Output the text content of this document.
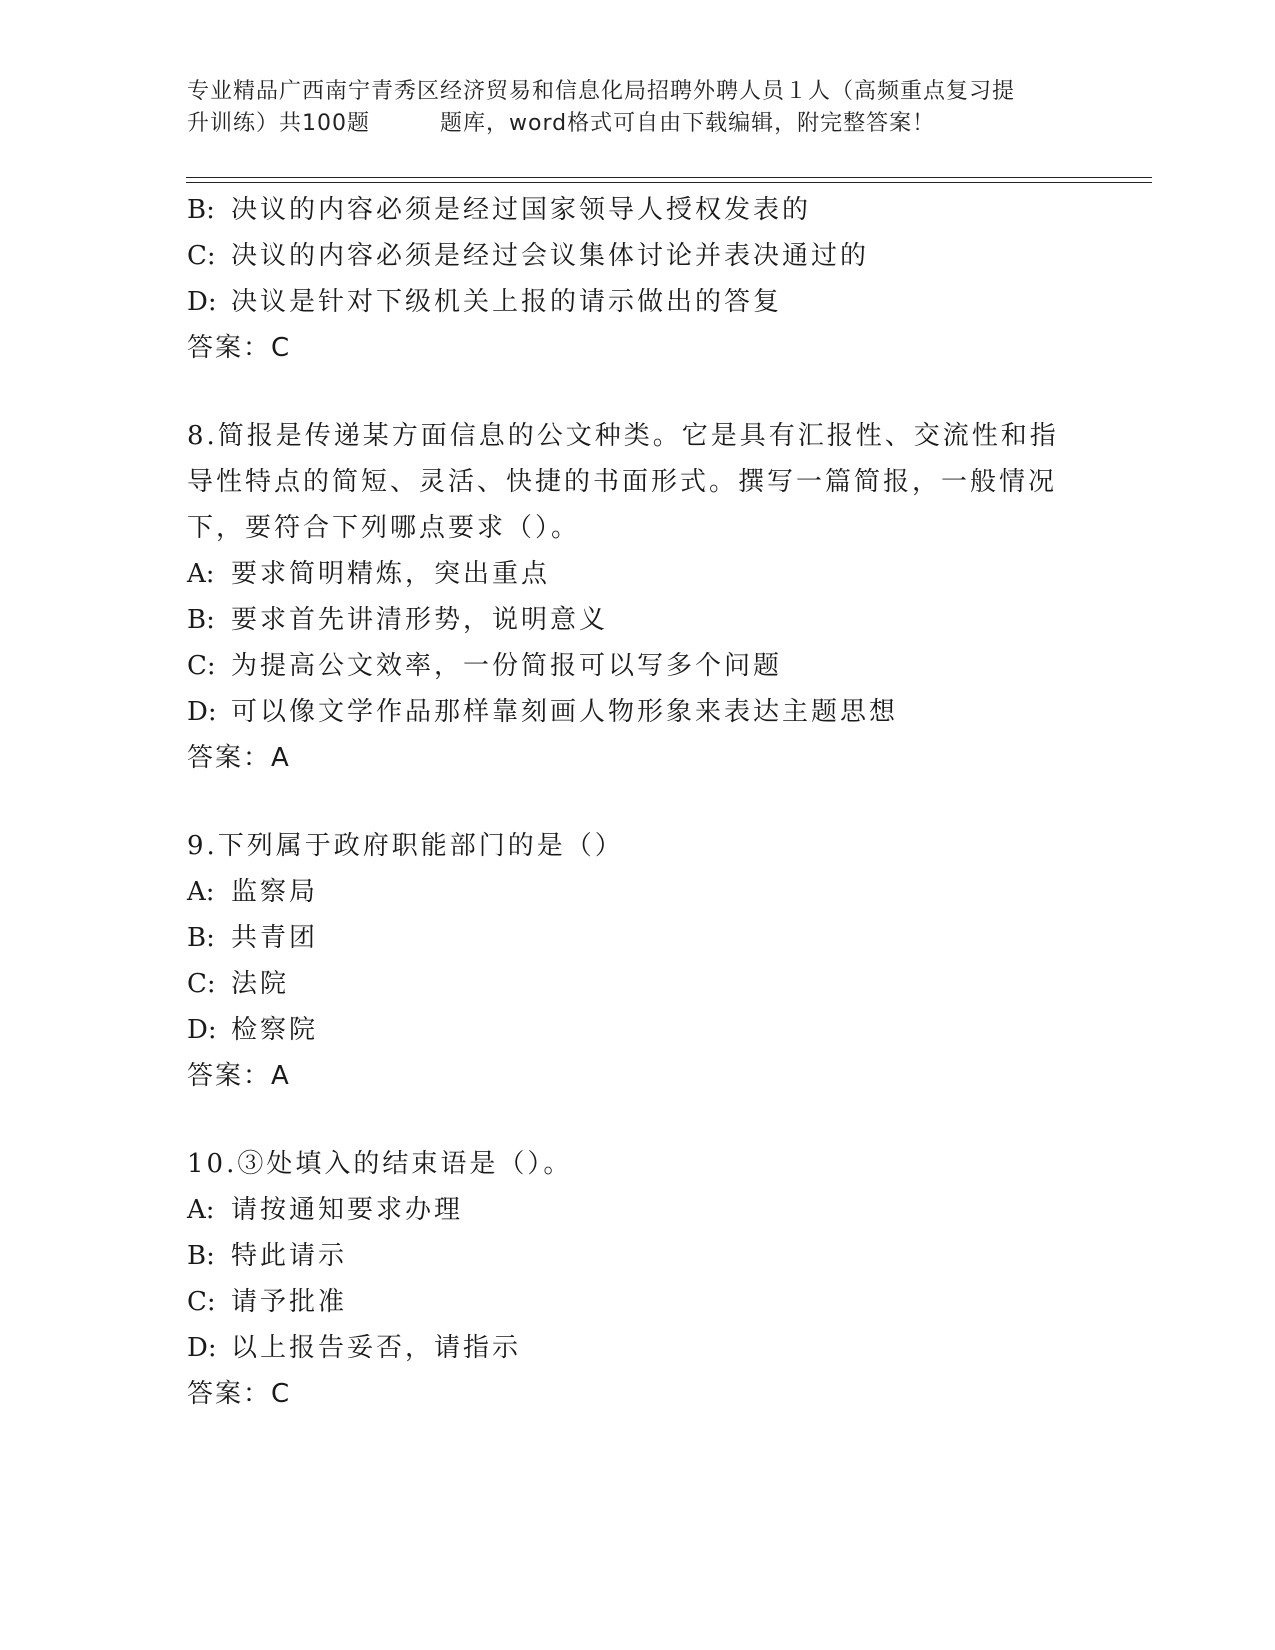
专业精品广西南宁青秀区经济贸易和信息化局招聘外聘人员１人（高频重点复习提
升训练）共100题	题库，word格式可自由下载编辑，附完整答案！

B: 决议的内容必须是经过国家领导人授权发表的

C: 决议的内容必须是经过会议集体讨论并表决通过的

D: 决议是针对下级机关上报的请示做出的答复

答案：C

8.简报是传递某方面信息的公文种类。它是具有汇报性、交流性和指

导性特点的简短、灵活、快捷的书面形式。撰写一篇简报，一般情况

下，要符合下列哪点要求（）。

A: 要求简明精炼，突出重点

B: 要求首先讲清形势，说明意义

C: 为提高公文效率，一份简报可以写多个问题

D: 可以像文学作品那样靠刻画人物形象来表达主题思想

答案：A

9.下列属于政府职能部门的是（）

A: 监察局

B: 共青团

C: 法院

D: 检察院

答案：A

10.③处填入的结束语是（）。

A: 请按通知要求办理

B: 特此请示

C: 请予批准

D: 以上报告妥否，请指示

答案：C
